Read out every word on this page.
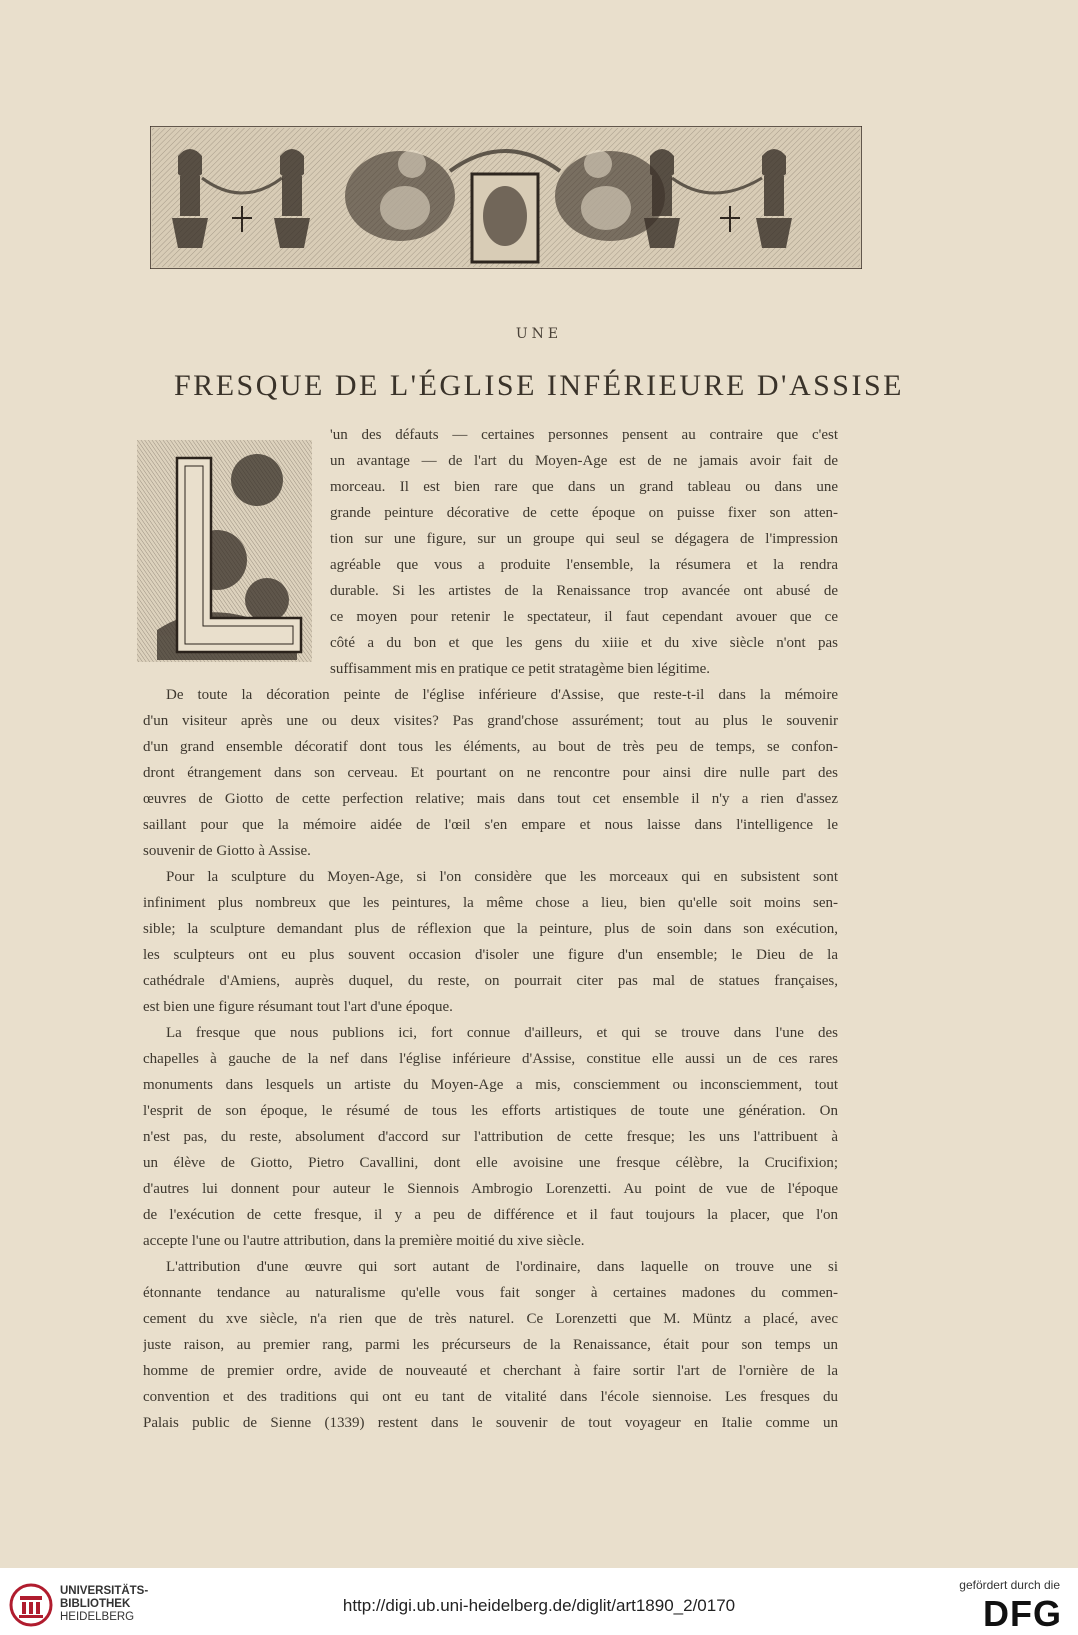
UNE
FRESQUE DE L'ÉGLISE INFÉRIEURE D'ASSISE
'un des défauts — certaines personnes pensent au contraire que c'est
un avantage — de l'art du Moyen-Age est de ne jamais avoir fait de
morceau. Il est bien rare que dans un grand tableau ou dans une
grande peinture décorative de cette époque on puisse fixer son atten-
tion sur une figure, sur un groupe qui seul se dégagera de l'impression
agréable que vous a produite l'ensemble, la résumera et la rendra
durable. Si les artistes de la Renaissance trop avancée ont abusé de
ce moyen pour retenir le spectateur, il faut cependant avouer que ce
côté a du bon et que les gens du xiiie et du xive siècle n'ont pas
suffisamment mis en pratique ce petit stratagème bien légitime.
De toute la décoration peinte de l'église inférieure d'Assise, que reste-t-il dans la mémoire
d'un visiteur après une ou deux visites? Pas grand'chose assurément; tout au plus le souvenir
d'un grand ensemble décoratif dont tous les éléments, au bout de très peu de temps, se confon-
dront étrangement dans son cerveau. Et pourtant on ne rencontre pour ainsi dire nulle part des
œuvres de Giotto de cette perfection relative; mais dans tout cet ensemble il n'y a rien d'assez
saillant pour que la mémoire aidée de l'œil s'en empare et nous laisse dans l'intelligence le
souvenir de Giotto à Assise.
Pour la sculpture du Moyen-Age, si l'on considère que les morceaux qui en subsistent sont
infiniment plus nombreux que les peintures, la même chose a lieu, bien qu'elle soit moins sen-
sible; la sculpture demandant plus de réflexion que la peinture, plus de soin dans son exécution,
les sculpteurs ont eu plus souvent occasion d'isoler une figure d'un ensemble; le Dieu de la
cathédrale d'Amiens, auprès duquel, du reste, on pourrait citer pas mal de statues françaises,
est bien une figure résumant tout l'art d'une époque.
La fresque que nous publions ici, fort connue d'ailleurs, et qui se trouve dans l'une des
chapelles à gauche de la nef dans l'église inférieure d'Assise, constitue elle aussi un de ces rares
monuments dans lesquels un artiste du Moyen-Age a mis, consciemment ou inconsciemment, tout
l'esprit de son époque, le résumé de tous les efforts artistiques de toute une génération. On
n'est pas, du reste, absolument d'accord sur l'attribution de cette fresque; les uns l'attribuent à
un élève de Giotto, Pietro Cavallini, dont elle avoisine une fresque célèbre, la Crucifixion;
d'autres lui donnent pour auteur le Siennois Ambrogio Lorenzetti. Au point de vue de l'époque
de l'exécution de cette fresque, il y a peu de différence et il faut toujours la placer, que l'on
accepte l'une ou l'autre attribution, dans la première moitié du xive siècle.
L'attribution d'une œuvre qui sort autant de l'ordinaire, dans laquelle on trouve une si
étonnante tendance au naturalisme qu'elle vous fait songer à certaines madones du commen-
cement du xve siècle, n'a rien que de très naturel. Ce Lorenzetti que M. Müntz a placé, avec
juste raison, au premier rang, parmi les précurseurs de la Renaissance, était pour son temps un
homme de premier ordre, avide de nouveauté et cherchant à faire sortir l'art de l'ornière de la
convention et des traditions qui ont eu tant de vitalité dans l'école siennoise. Les fresques du
Palais public de Sienne (1339) restent dans le souvenir de tout voyageur en Italie comme un
UNIVERSITÄTS-
BIBLIOTHEK
HEIDELBERG
http://digi.ub.uni-heidelberg.de/diglit/art1890_2/0170
gefördert durch die
DFG
